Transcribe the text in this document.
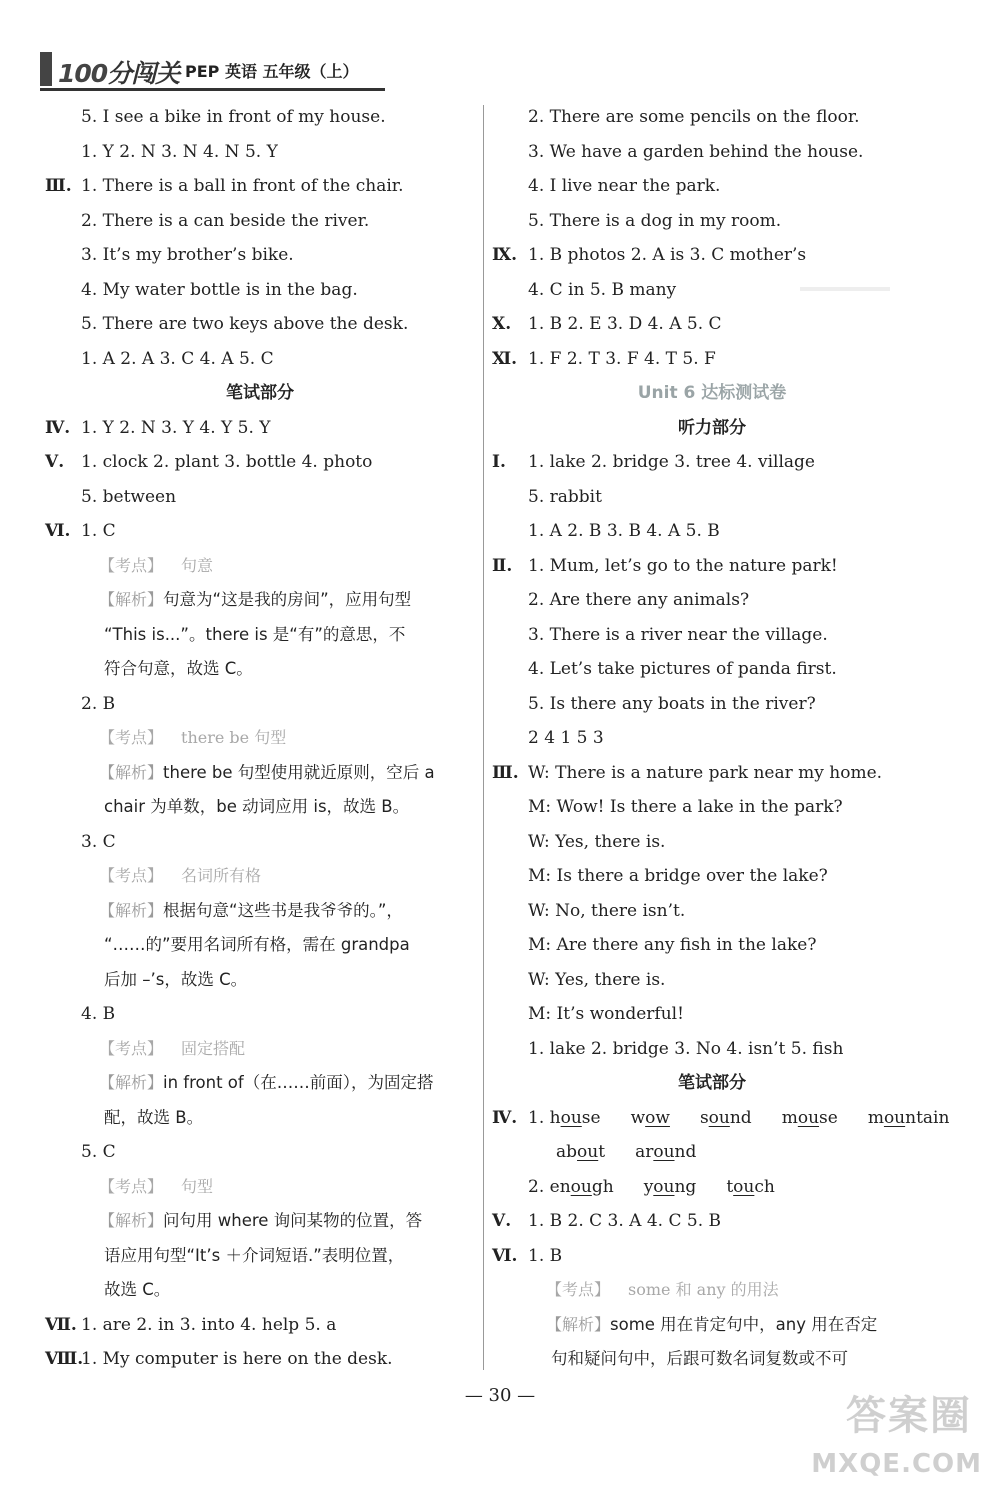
100分闯关 PEP 英语 五年级（上）
5. I see a bike in front of my house.
1. Y 2. N 3. N 4. N 5. Y
Ⅲ. 1. There is a ball in front of the chair.
2. There is a can beside the river.
3. It’s my brother’s bike.
4. My water bottle is in the bag.
5. There are two keys above the desk.
1. A 2. A 3. C 4. A 5. C
笔试部分
Ⅳ. 1. Y 2. N 3. Y 4. Y 5. Y
Ⅴ. 1. clock 2. plant 3. bottle 4. photo
5. between
Ⅵ. 1. C
【考点】 句意
【解析】句意为“这是我的房间”，应用句型
“This is...”。there is 是“有”的意思，不
符合句意，故选 C。
2. B
【考点】 there be 句型
【解析】there be 句型使用就近原则，空后 a
chair 为单数，be 动词应用 is，故选 B。
3. C
【考点】 名词所有格
【解析】根据句意“这些书是我爷爷的。”，
“……的”要用名词所有格，需在 grandpa
后加 –’s，故选 C。
4. B
【考点】 固定搭配
【解析】in front of（在……前面），为固定搭
配，故选 B。
5. C
【考点】 句型
【解析】问句用 where 询问某物的位置，答
语应用句型“It’s ＋介词短语.”表明位置，
故选 C。
Ⅶ. 1. are 2. in 3. into 4. help 5. a
Ⅷ.1. My computer is here on the desk.
2. There are some pencils on the floor.
3. We have a garden behind the house.
4. I live near the park.
5. There is a dog in my room.
Ⅸ. 1. B photos 2. A is 3. C mother’s
4. C in 5. B many
Ⅹ. 1. B 2. E 3. D 4. A 5. C
Ⅺ. 1. F 2. T 3. F 4. T 5. F
Unit 6 达标测试卷
听力部分
Ⅰ. 1. lake 2. bridge 3. tree 4. village
5. rabbit
1. A 2. B 3. B 4. A 5. B
Ⅱ. 1. Mum, let’s go to the nature park!
2. Are there any animals?
3. There is a river near the village.
4. Let’s take pictures of panda first.
5. Is there any boats in the river?
2 4 1 5 3
Ⅲ. W: There is a nature park near my home.
M: Wow! Is there a lake in the park?
W: Yes, there is.
M: Is there a bridge over the lake?
W: No, there isn’t.
M: Are there any fish in the lake?
W: Yes, there is.
M: It’s wonderful!
1. lake 2. bridge 3. No 4. isn’t 5. fish
笔试部分
Ⅳ. 1. house wow sound mouse mountain
about around
2. enough young touch
Ⅴ. 1. B 2. C 3. A 4. C 5. B
Ⅵ. 1. B
【考点】 some 和 any 的用法
【解析】some 用在肯定句中，any 用在否定
句和疑问句中，后跟可数名词复数或不可
— 30 —	答案圈
MXQE.COM
